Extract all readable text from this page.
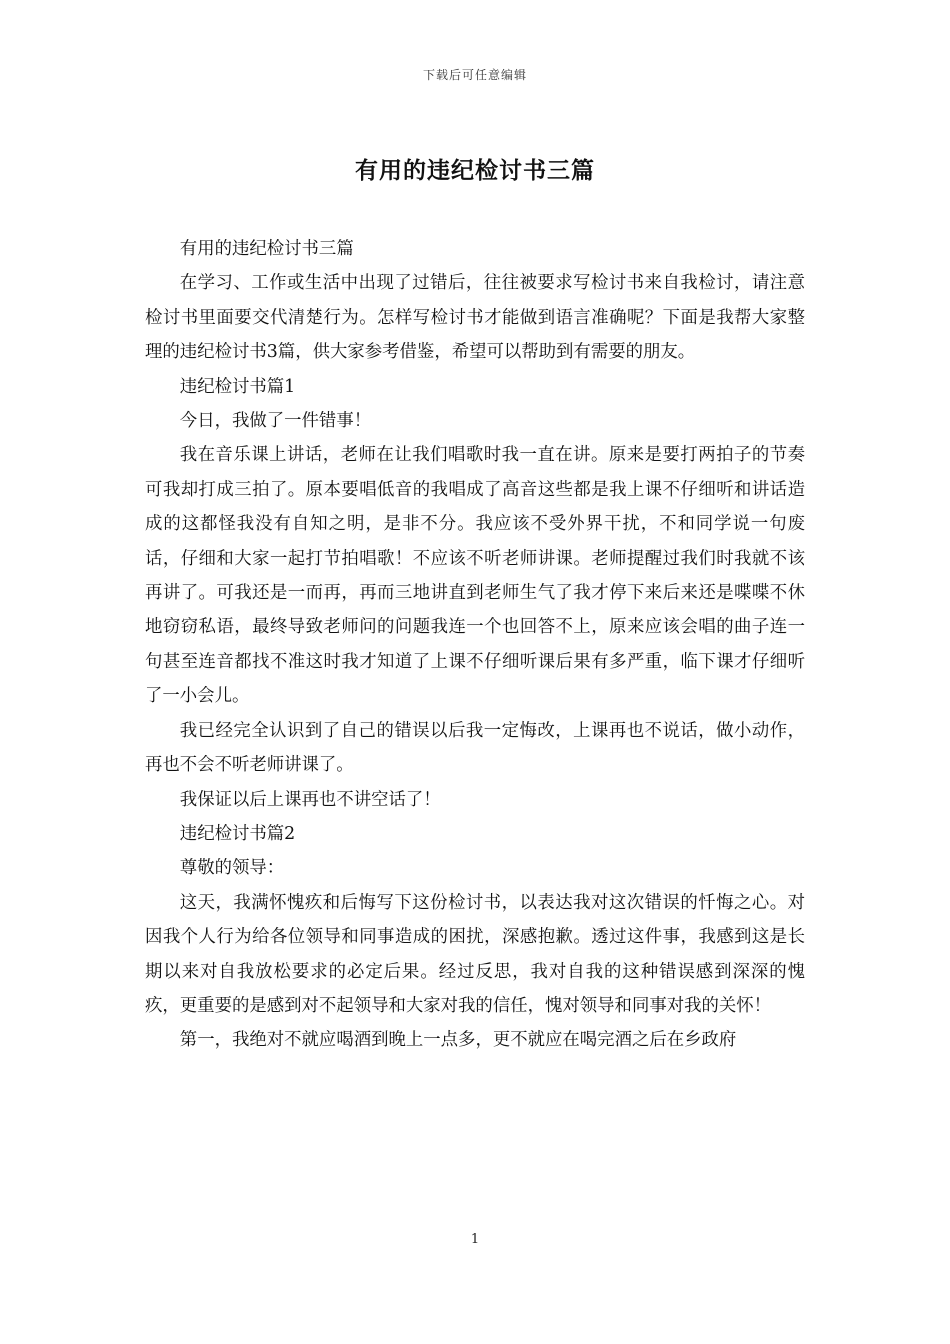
下载后可任意编辑
有用的违纪检讨书三篇

有用的违纪检讨书三篇

在学习、工作或生活中出现了过错后，往往被要求写检讨书来自我检讨，请注意检讨书里面要交代清楚行为。怎样写检讨书才能做到语言准确呢？下面是我帮大家整理的违纪检讨书3篇，供大家参考借鉴，希望可以帮助到有需要的朋友。

违纪检讨书篇1

今日，我做了一件错事！

我在音乐课上讲话，老师在让我们唱歌时我一直在讲。原来是要打两拍子的节奏可我却打成三拍了。原本要唱低音的我唱成了高音这些都是我上课不仔细听和讲话造成的这都怪我没有自知之明，是非不分。我应该不受外界干扰，不和同学说一句废话，仔细和大家一起打节拍唱歌！不应该不听老师讲课。老师提醒过我们时我就不该再讲了。可我还是一而再，再而三地讲直到老师生气了我才停下来后来还是喋喋不休地窃窃私语，最终导致老师问的问题我连一个也回答不上，原来应该会唱的曲子连一句甚至连音都找不准这时我才知道了上课不仔细听课后果有多严重，临下课才仔细听了一小会儿。

我已经完全认识到了自己的错误以后我一定悔改，上课再也不说话，做小动作，再也不会不听老师讲课了。

我保证以后上课再也不讲空话了！

违纪检讨书篇2

尊敬的领导：

这天，我满怀愧疚和后悔写下这份检讨书，以表达我对这次错误的忏悔之心。对因我个人行为给各位领导和同事造成的困扰，深感抱歉。透过这件事，我感到这是长期以来对自我放松要求的必定后果。经过反思，我对自我的这种错误感到深深的愧疚，更重要的是感到对不起领导和大家对我的信任，愧对领导和同事对我的关怀！

第一，我绝对不就应喝酒到晚上一点多，更不就应在喝完酒之后在乡政府

1
